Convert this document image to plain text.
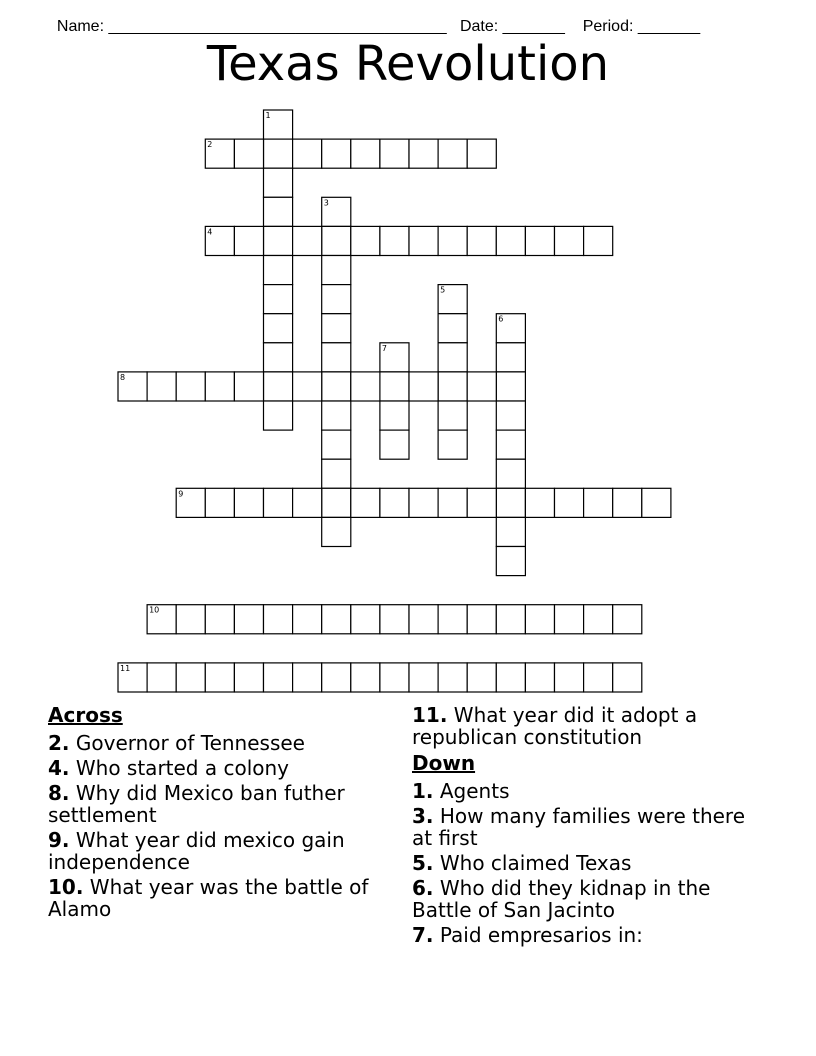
Name: ______________________________________ Date: _______ Period: _______

Texas Revolution
1
2
3
4
5
6
7
8
9
10
11
Across
2. Governor of Tennessee
4. Who started a colony
8. Why did Mexico ban futher settlement
9. What year did mexico gain independence
10. What year was the battle of Alamo
11. What year did it adopt a republican constitution
Down
1. Agents
3. How many families were there at first
5. Who claimed Texas
6. Who did they kidnap in the Battle of San Jacinto
7. Paid empresarios in:
